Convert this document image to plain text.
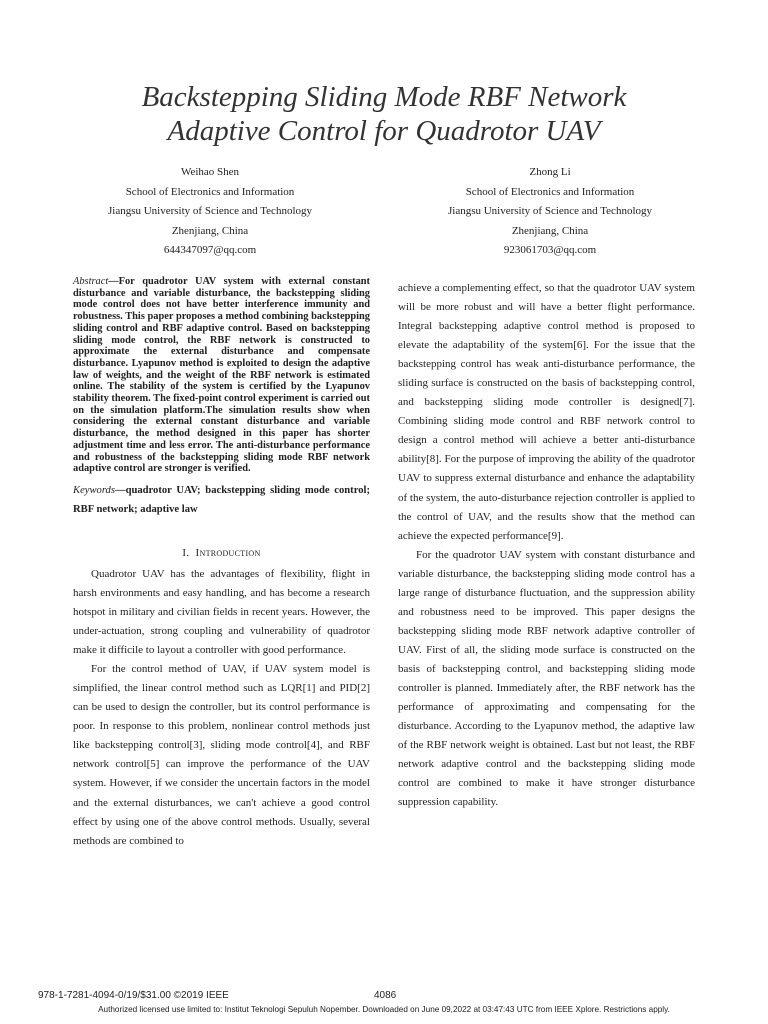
Backstepping Sliding Mode RBF Network
Adaptive Control for Quadrotor UAV
Weihao Shen
School of Electronics and Information
Jiangsu University of Science and Technology
Zhenjiang, China
644347097@qq.com
Zhong Li
School of Electronics and Information
Jiangsu University of Science and Technology
Zhenjiang, China
923061703@qq.com

Abstract—For quadrotor UAV system with external constant disturbance and variable disturbance, the backstepping sliding mode control does not have better interference immunity and robustness. This paper proposes a method combining backstepping sliding control and RBF adaptive control. Based on backstepping sliding mode control, the RBF network is constructed to approximate the external disturbance and compensate disturbance. Lyapunov method is exploited to design the adaptive law of weights, and the weight of the RBF network is estimated online. The stability of the system is certified by the Lyapunov stability theorem. The fixed-point control experiment is carried out on the simulation platform.The simulation results show when considering the external constant disturbance and variable disturbance, the method designed in this paper has shorter adjustment time and less error. The anti-disturbance performance and robustness of the backstepping sliding mode RBF network adaptive control are stronger is verified.

Keywords—quadrotor UAV; backstepping sliding mode control; RBF network; adaptive law

I. Introduction

Quadrotor UAV has the advantages of flexibility, flight in harsh environments and easy handling, and has become a research hotspot in military and civilian fields in recent years. However, the under-actuation, strong coupling and vulnerability of quadrotor make it difficile to layout a controller with good performance.

For the control method of UAV, if UAV system model is simplified, the linear control method such as LQR[1] and PID[2] can be used to design the controller, but its control performance is poor. In response to this problem, nonlinear control methods just like backstepping control[3], sliding mode control[4], and RBF network control[5] can improve the performance of the UAV system. However, if we consider the uncertain factors in the model and the external disturbances, we can't achieve a good control effect by using one of the above control methods. Usually, several methods are combined to

achieve a complementing effect, so that the quadrotor UAV system will be more robust and will have a better flight performance. Integral backstepping adaptive control method is proposed to elevate the adaptability of the system[6]. For the issue that the backstepping control has weak anti-disturbance performance, the sliding surface is constructed on the basis of backstepping control, and backstepping sliding mode controller is designed[7]. Combining sliding mode control and RBF network control to design a control method will achieve a better anti-disturbance ability[8]. For the purpose of improving the ability of the quadrotor UAV to suppress external disturbance and enhance the adaptability of the system, the auto-disturbance rejection controller is applied to the control of UAV, and the results show that the method can achieve the expected performance[9].

For the quadrotor UAV system with constant disturbance and variable disturbance, the backstepping sliding mode control has a large range of disturbance fluctuation, and the suppression ability and robustness need to be improved. This paper designs the backstepping sliding mode RBF network adaptive controller of UAV. First of all, the sliding mode surface is constructed on the basis of backstepping control, and backstepping sliding mode controller is planned. Immediately after, the RBF network has the performance of approximating and compensating for the disturbance. According to the Lyapunov method, the adaptive law of the RBF network weight is obtained. Last but not least, the RBF network adaptive control and the backstepping sliding mode control are combined to make it have stronger disturbance suppression capability.

978-1-7281-4094-0/19/$31.00 ©2019 IEEE	4086
Authorized licensed use limited to: Institut Teknologi Sepuluh Nopember. Downloaded on June 09,2022 at 03:47:43 UTC from IEEE Xplore. Restrictions apply.
